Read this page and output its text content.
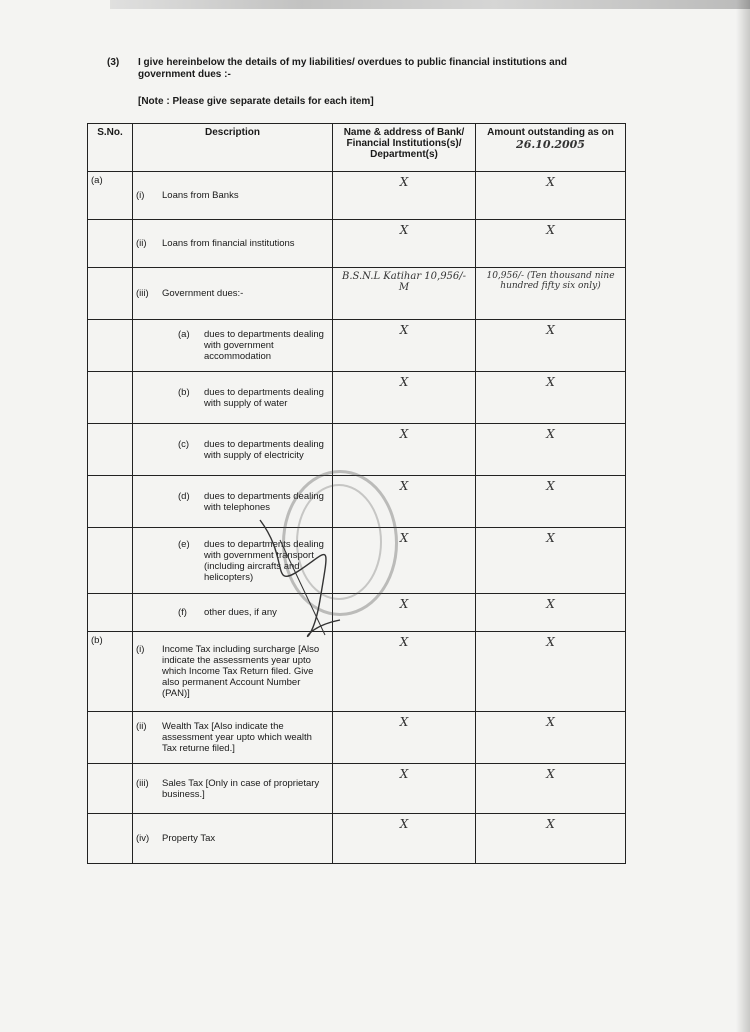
(3) I give hereinbelow the details of my liabilities/ overdues to public financial institutions and government dues :-
[Note : Please give separate details for each item]
S.No.	Description	Name & address of Bank/ Financial Institutions(s)/ Department(s)	Amount outstanding as on 26.10.2005
(a)	(i) Loans from Banks	X	X

	(ii) Loans from financial institutions	X	X

	(iii) Government dues:-	B.S.N.L Katihar 10,956/- M	10,956/- (Ten thousand nine hundred fifty six only)

	(a) dues to departments dealing with government accommodation	X	X

	(b) dues to departments dealing with supply of water	X	X

	(c) dues to departments dealing with supply of electricity	X	X

	(d) dues to departments dealing with telephones	X	X

	(e) dues to departments dealing with government transport (including aircrafts and helicopters)	X	X

	(f) other dues, if any	X	X
(b)	(i) Income Tax including surcharge [Also indicate the assessments year upto which Income Tax Return filed. Give also permanent Account Number (PAN)]	X	X

	(ii) Wealth Tax [Also indicate the assessment year upto which wealth Tax returne filed.]	X	X

	(iii) Sales Tax [Only in case of proprietary business.]	X	X

	(iv) Property Tax	X	X
